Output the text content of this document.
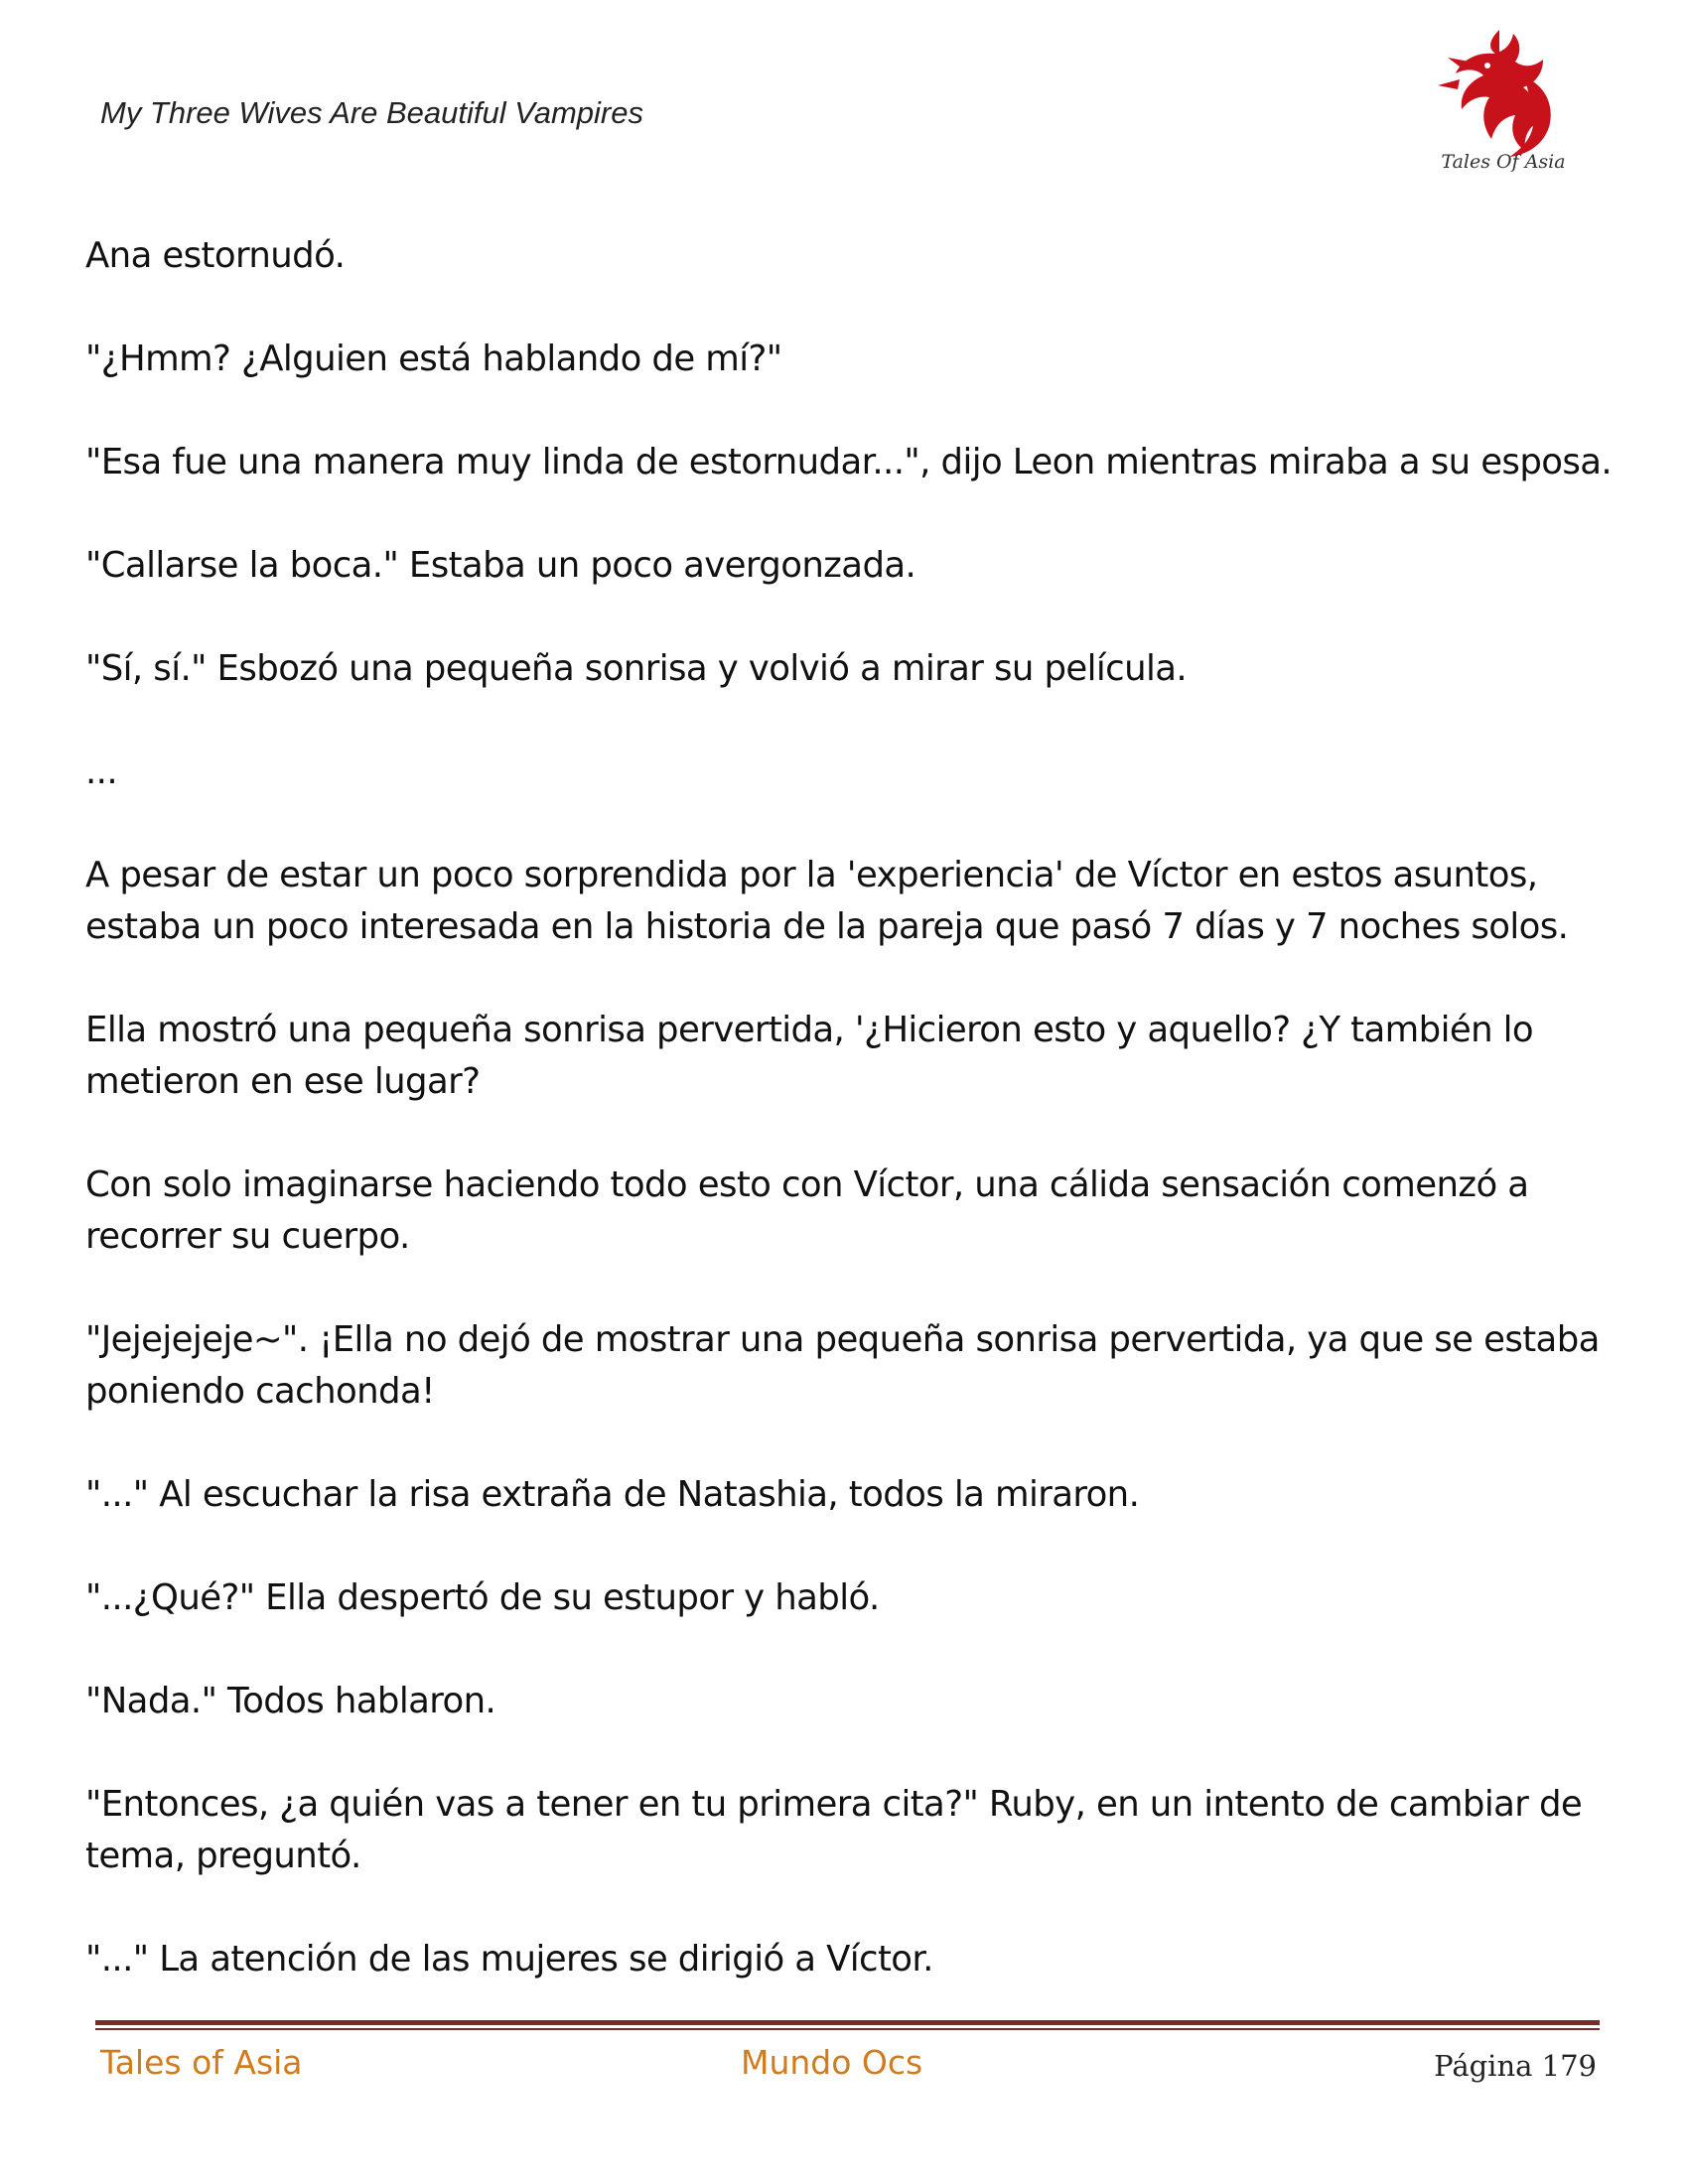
My Three Wives Are Beautiful Vampires
Tales Of Asia

Ana estornudó.

"¿Hmm? ¿Alguien está hablando de mí?"

"Esa fue una manera muy linda de estornudar...", dijo Leon mientras miraba a su esposa.

"Callarse la boca." Estaba un poco avergonzada.

"Sí, sí." Esbozó una pequeña sonrisa y volvió a mirar su película.

...

A pesar de estar un poco sorprendida por la 'experiencia' de Víctor en estos asuntos, estaba un poco interesada en la historia de la pareja que pasó 7 días y 7 noches solos.

Ella mostró una pequeña sonrisa pervertida, '¿Hicieron esto y aquello? ¿Y también lo metieron en ese lugar?

Con solo imaginarse haciendo todo esto con Víctor, una cálida sensación comenzó a recorrer su cuerpo.

"Jejejejeje~". ¡Ella no dejó de mostrar una pequeña sonrisa pervertida, ya que se estaba poniendo cachonda!

"..." Al escuchar la risa extraña de Natashia, todos la miraron.

"...¿Qué?" Ella despertó de su estupor y habló.

"Nada." Todos hablaron.

"Entonces, ¿a quién vas a tener en tu primera cita?" Ruby, en un intento de cambiar de tema, preguntó.

"..." La atención de las mujeres se dirigió a Víctor.

Tales of Asia	Mundo Ocs	Página 179
